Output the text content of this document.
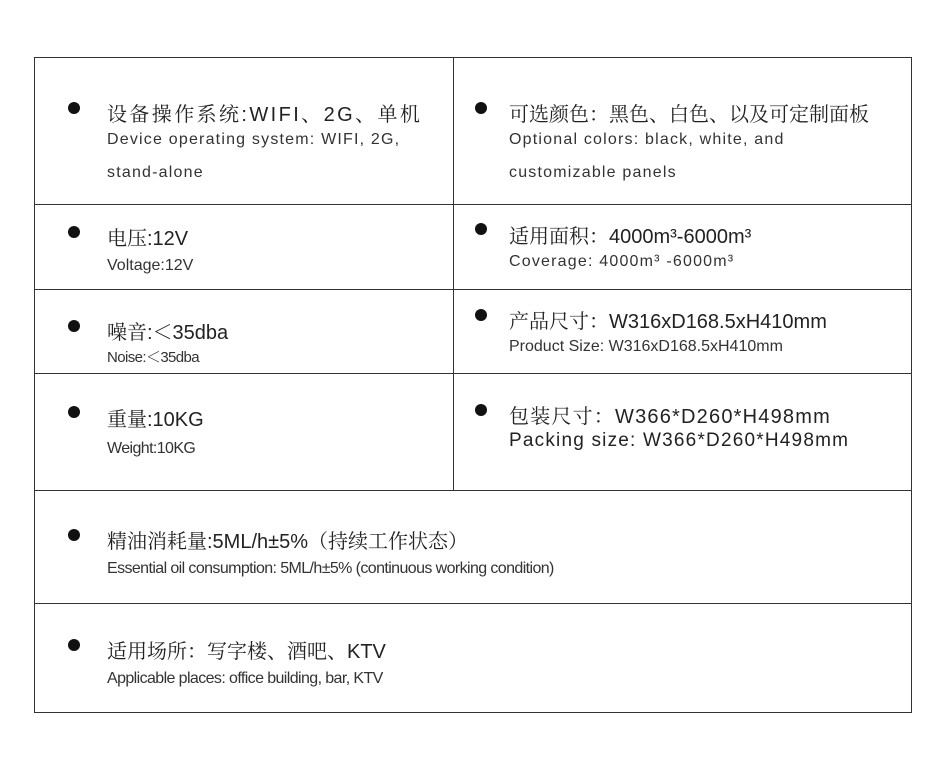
设备操作系统:WIFI、2G、单机
Device operating system: WIFI, 2G,
stand-alone
可选颜色：黑色、白色、以及可定制面板
Optional colors: black, white, and
customizable panels
电压:12V
Voltage:12V
适用面积：4000m³-6000m³
Coverage: 4000m³ -6000m³
噪音:＜35dba
Noise:＜35dba
产品尺寸：W316xD168.5xH410mm
Product Size: W316xD168.5xH410mm
重量:10KG
Weight:10KG
包装尺寸：W366*D260*H498mm
Packing size: W366*D260*H498mm
精油消耗量:5ML/h±5%（持续工作状态）
Essential oil consumption: 5ML/h±5% (continuous working condition)
适用场所：写字楼、酒吧、KTV
Applicable places: office building, bar, KTV
